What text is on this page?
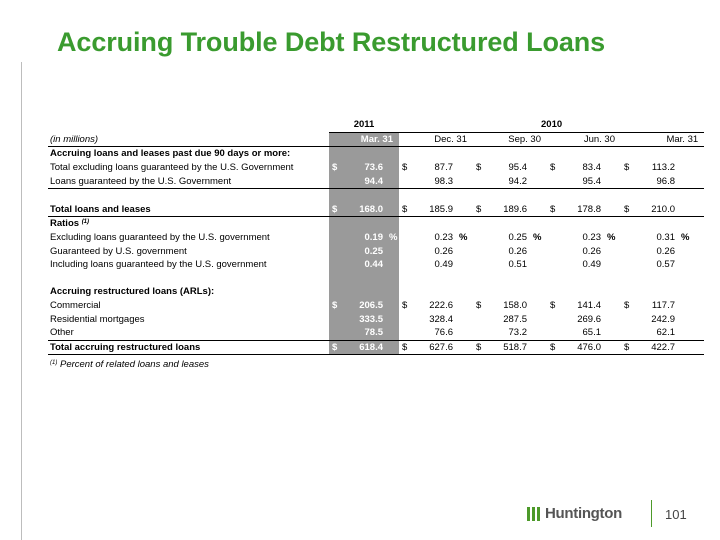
Accruing Trouble Debt Restructured Loans
	2011			2010											
(in millions)	Mar. 31			Dec. 31			Sep. 30			Jun. 30			Mar. 31		
Accruing loans and leases past due 90 days or more:															
Total excluding loans guaranteed by the U.S. Government	$	73.6		$	87.7		$	95.4		$	83.4		$	113.2	
Loans guaranteed by the U.S. Government		94.4			98.3			94.2			95.4			96.8	

Total loans and leases	$	168.0		$	185.9		$	189.6		$	178.8		$	210.0	
Ratios $^{(1)}$															
Excluding loans guaranteed by the U.S. government		0.19	%		0.23	%		0.25	%		0.23	%		0.31	%
Guaranteed by U.S. government		0.25			0.26			0.26			0.26			0.26	
Including loans guaranteed by the U.S. government		0.44			0.49			0.51			0.49			0.57	

Accruing restructured loans (ARLs):															
Commercial	$	206.5		$	222.6		$	158.0		$	141.4		$	117.7	
Residential mortgages		333.5			328.4			287.5			269.6			242.9	
Other		78.5			76.6			73.2			65.1			62.1	
Total accruing restructured loans	$	618.4		$	627.6		$	518.7		$	476.0		$	422.7	
$^{(1)}$ Percent of related loans and leases
Huntington	101
